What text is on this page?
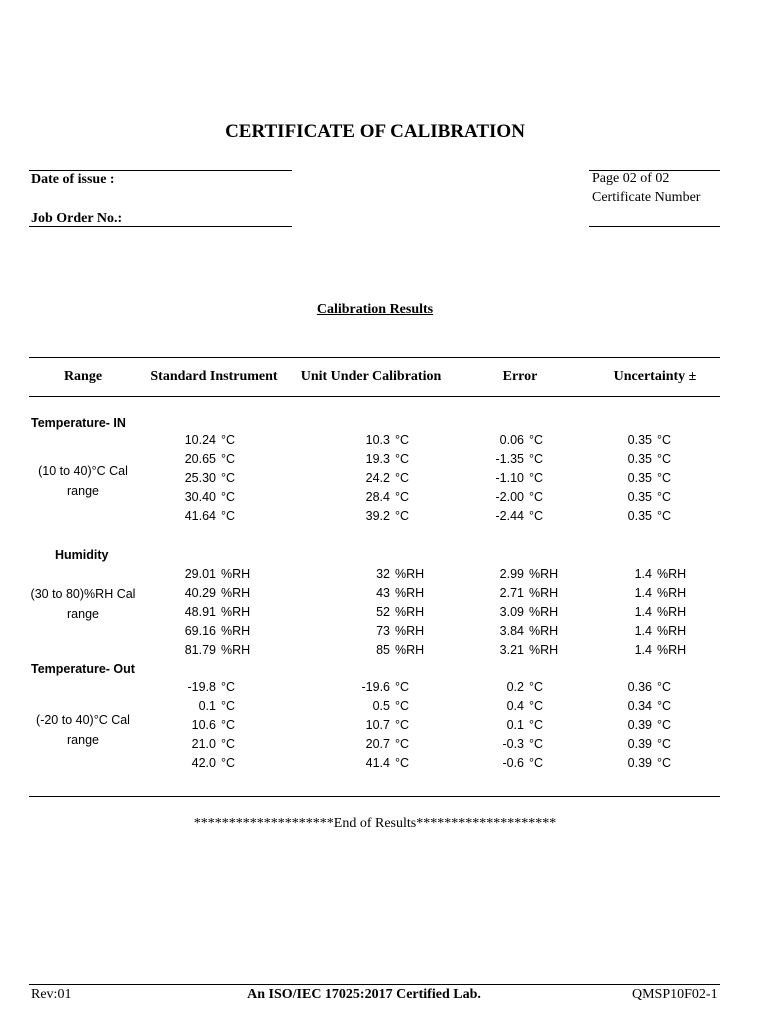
CERTIFICATE OF CALIBRATION
Date of issue :
Job Order No.:
Page 02 of 02
Certificate Number
Calibration Results
Range	Standard Instrument	Unit Under Calibration	Error	Uncertainty ±
Temperature- IN
(10 to 40)°C Cal
range
10.24 °C	10.3 °C	0.06 °C	0.35 °C
20.65 °C	19.3 °C	-1.35 °C	0.35 °C
25.30 °C	24.2 °C	-1.10 °C	0.35 °C
30.40 °C	28.4 °C	-2.00 °C	0.35 °C
41.64 °C	39.2 °C	-2.44 °C	0.35 °C
Humidity
(30 to 80)%RH Cal
range
29.01 %RH	32 %RH	2.99 %RH	1.4 %RH
40.29 %RH	43 %RH	2.71 %RH	1.4 %RH
48.91 %RH	52 %RH	3.09 %RH	1.4 %RH
69.16 %RH	73 %RH	3.84 %RH	1.4 %RH
81.79 %RH	85 %RH	3.21 %RH	1.4 %RH
Temperature- Out
(-20 to 40)°C Cal
range
-19.8 °C	-19.6 °C	0.2 °C	0.36 °C
0.1 °C	0.5 °C	0.4 °C	0.34 °C
10.6 °C	10.7 °C	0.1 °C	0.39 °C
21.0 °C	20.7 °C	-0.3 °C	0.39 °C
42.0 °C	41.4 °C	-0.6 °C	0.39 °C
********************End of Results********************
Rev:01	An ISO/IEC 17025:2017 Certified Lab.	QMSP10F02-1
